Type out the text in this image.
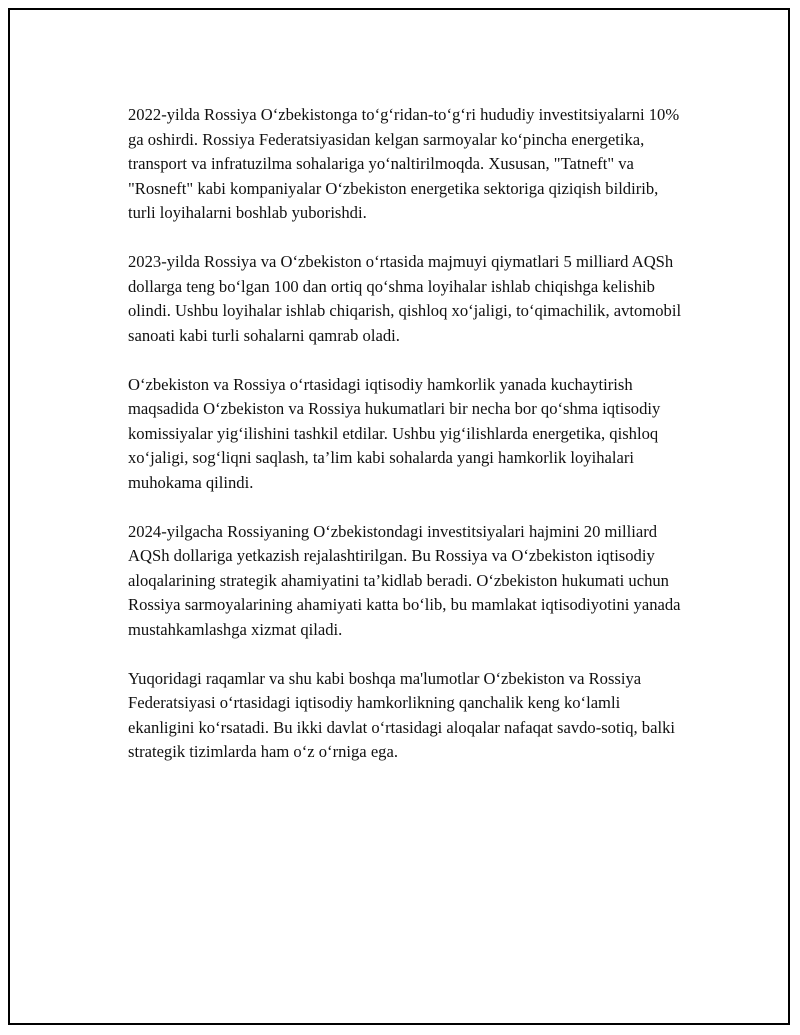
2022-yilda Rossiya O‘zbekistonga to‘g‘ridan-to‘g‘ri hududiy investitsiyalarni 10% ga oshirdi. Rossiya Federatsiyasidan kelgan sarmoyalar ko‘pincha energetika, transport va infratuzilma sohalariga yo‘naltirilmoqda. Xususan, "Tatneft" va "Rosneft" kabi kompaniyalar O‘zbekiston energetika sektoriga qiziqish bildirib, turli loyihalarni boshlab yuborishdi.

2023-yilda Rossiya va O‘zbekiston o‘rtasida majmuyi qiymatlari 5 milliard AQSh dollarga teng bo‘lgan 100 dan ortiq qo‘shma loyihalar ishlab chiqishga kelishib olindi. Ushbu loyihalar ishlab chiqarish, qishloq xo‘jaligi, to‘qimachilik, avtomobil sanoati kabi turli sohalarni qamrab oladi.

O‘zbekiston va Rossiya o‘rtasidagi iqtisodiy hamkorlik yanada kuchaytirish maqsadida O‘zbekiston va Rossiya hukumatlari bir necha bor qo‘shma iqtisodiy komissiyalar yig‘ilishini tashkil etdilar. Ushbu yig‘ilishlarda energetika, qishloq xo‘jaligi, sog‘liqni saqlash, ta’lim kabi sohalarda yangi hamkorlik loyihalari muhokama qilindi.

2024-yilgacha Rossiyaning O‘zbekistondagi investitsiyalari hajmini 20 milliard AQSh dollariga yetkazish rejalashtirilgan. Bu Rossiya va O‘zbekiston iqtisodiy aloqalarining strategik ahamiyatini ta’kidlab beradi. O‘zbekiston hukumati uchun Rossiya sarmoyalarining ahamiyati katta bo‘lib, bu mamlakat iqtisodiyotini yanada mustahkamlashga xizmat qiladi.

Yuqoridagi raqamlar va shu kabi boshqa ma'lumotlar O‘zbekiston va Rossiya Federatsiyasi o‘rtasidagi iqtisodiy hamkorlikning qanchalik keng ko‘lamli ekanligini ko‘rsatadi. Bu ikki davlat o‘rtasidagi aloqalar nafaqat savdo-sotiq, balki strategik tizimlarda ham o‘z o‘rniga ega.
